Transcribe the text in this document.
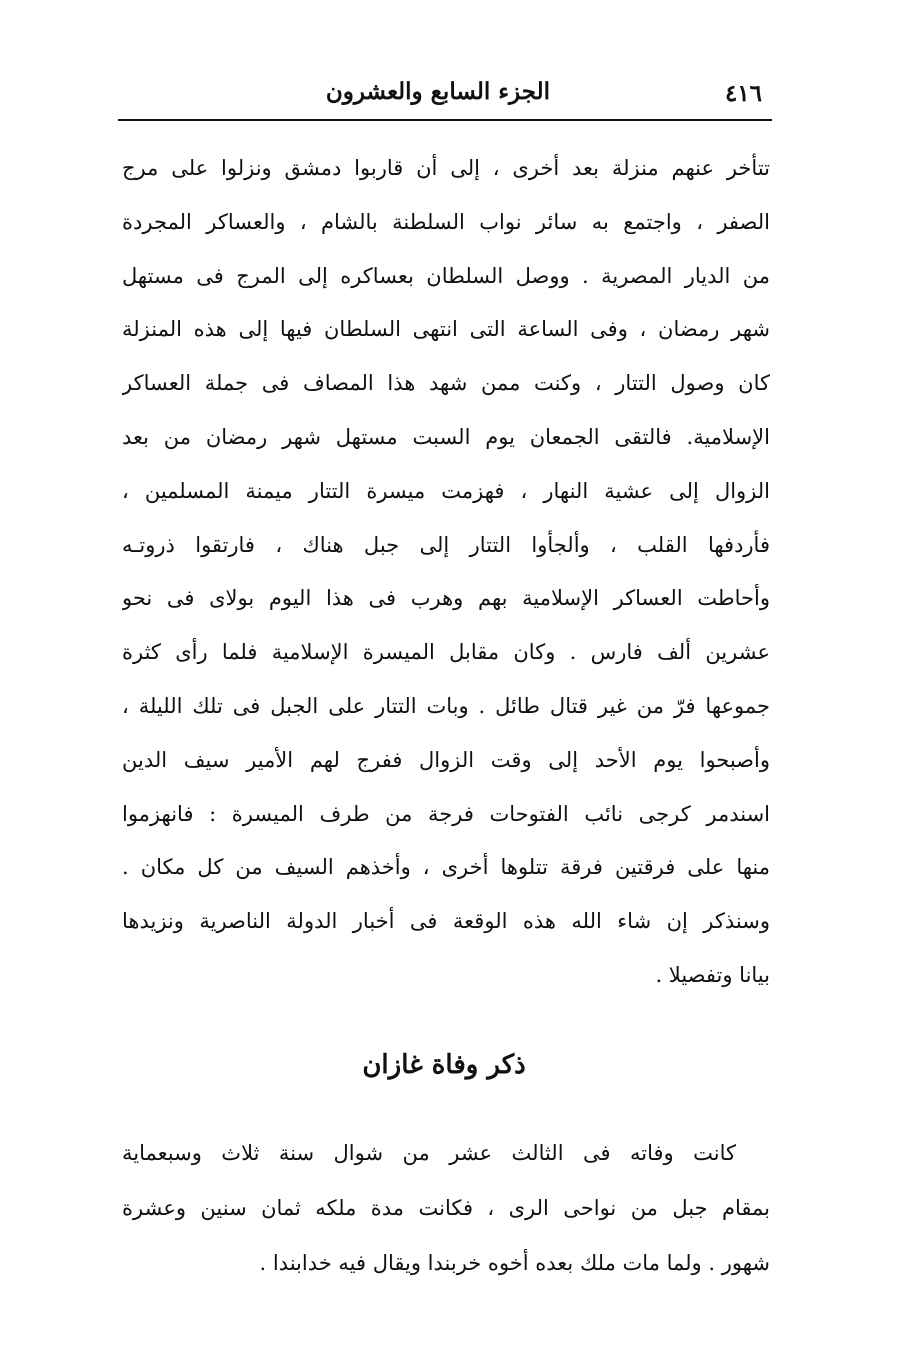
٤١٦
الجزء السابع والعشرون
تتأخر عنهم منزلة بعد أخرى ، إلى أن قاربوا دمشق ونزلوا على مرج
الصفر ، واجتمع به سائر نواب السلطنة بالشام ، والعساكر المجردة
من الديار المصرية . ووصل السلطان بعساكره إلى المرج فى مستهل
شهر رمضان ، وفى الساعة التى انتهى السلطان فيها إلى هذه المنزلة
كان وصول التتار ، وكنت ممن شهد هذا المصاف فى جملة العساكر
الإسلامية. فالتقى الجمعان يوم السبت مستهل شهر رمضان من بعد
الزوال إلى عشية النهار ، فهزمت ميسرة التتار ميمنة المسلمين ،
فأردفها القلب ، وألجأوا التتار إلى جبل هناك ، فارتقوا ذروتـه
وأحاطت العساكر الإسلامية بهم وهرب فى هذا اليوم بولاى فى نحو
عشرين ألف فارس . وكان مقابل الميسرة الإسلامية فلما رأى كثرة
جموعها فرّ من غير قتال طائل . وبات التتار على الجبل فى تلك الليلة ،
وأصبحوا يوم الأحد إلى وقت الزوال ففرج لهم الأمير سيف الدين
اسندمر كرجى نائب الفتوحات فرجة من طرف الميسرة : فانهزموا
منها على فرقتين فرقة تتلوها أخرى ، وأخذهم السيف من كل مكان .
وسنذكر إن شاء الله هذه الوقعة فى أخبار الدولة الناصرية ونزيدها
بيانا وتفصيلا .
ذكر وفاة غازان
كانت وفاته فى الثالث عشر من شوال سنة ثلاث وسبعماية
بمقام جبل من نواحى الرى ، فكانت مدة ملكه ثمان سنين وعشرة
شهور . ولما مات ملك بعده أخوه خربندا ويقال فيه خدابندا .
